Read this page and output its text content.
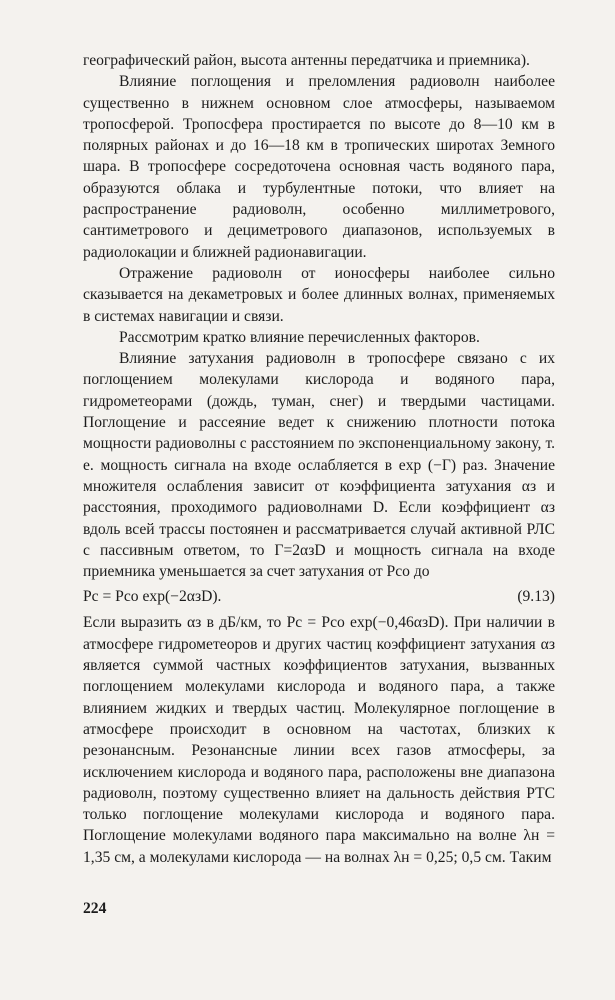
географический район, высота антенны передатчика и приемника).

Влияние поглощения и преломления радиоволн наиболее существенно в нижнем основном слое атмосферы, называемом тропосферой. Тропосфера простирается по высоте до 8—10 км в полярных районах и до 16—18 км в тропических широтах Земного шара. В тропосфере сосредоточена основная часть водяного пара, образуются облака и турбулентные потоки, что влияет на распространение радиоволн, особенно миллиметрового, сантиметрового и дециметрового диапазонов, используемых в радиолокации и ближней радионавигации.

Отражение радиоволн от ионосферы наиболее сильно сказывается на декаметровых и более длинных волнах, применяемых в системах навигации и связи.

Рассмотрим кратко влияние перечисленных факторов.

Влияние затухания радиоволн в тропосфере связано с их поглощением молекулами кислорода и водяного пара, гидрометеорами (дождь, туман, снег) и твердыми частицами. Поглощение и рассеяние ведет к снижению плотности потока мощности радиоволны с расстоянием по экспоненциальному закону, т. е. мощность сигнала на входе ослабляется в exp (−Г) раз. Значение множителя ослабления зависит от коэффициента затухания αз и расстояния, проходимого радиоволнами D. Если коэффициент αз вдоль всей трассы постоянен и рассматривается случай активной РЛС с пассивным ответом, то Г=2αзD и мощность сигнала на входе приемника уменьшается за счет затухания от Pсо до

Pс = Pсо exp(−2αзD).	(9.13)

Если выразить αз в дБ/км, то Pс = Pсо exp(−0,46αзD). При наличии в атмосфере гидрометеоров и других частиц коэффициент затухания αз является суммой частных коэффициентов затухания, вызванных поглощением молекулами кислорода и водяного пара, а также влиянием жидких и твердых частиц. Молекулярное поглощение в атмосфере происходит в основном на частотах, близких к резонансным. Резонансные линии всех газов атмосферы, за исключением кислорода и водяного пара, расположены вне диапазона радиоволн, поэтому существенно влияет на дальность действия РТС только поглощение молекулами кислорода и водяного пара. Поглощение молекулами водяного пара максимально на волне λн = 1,35 см, а молекулами кислорода — на волнах λн = 0,25; 0,5 см. Таким

224
